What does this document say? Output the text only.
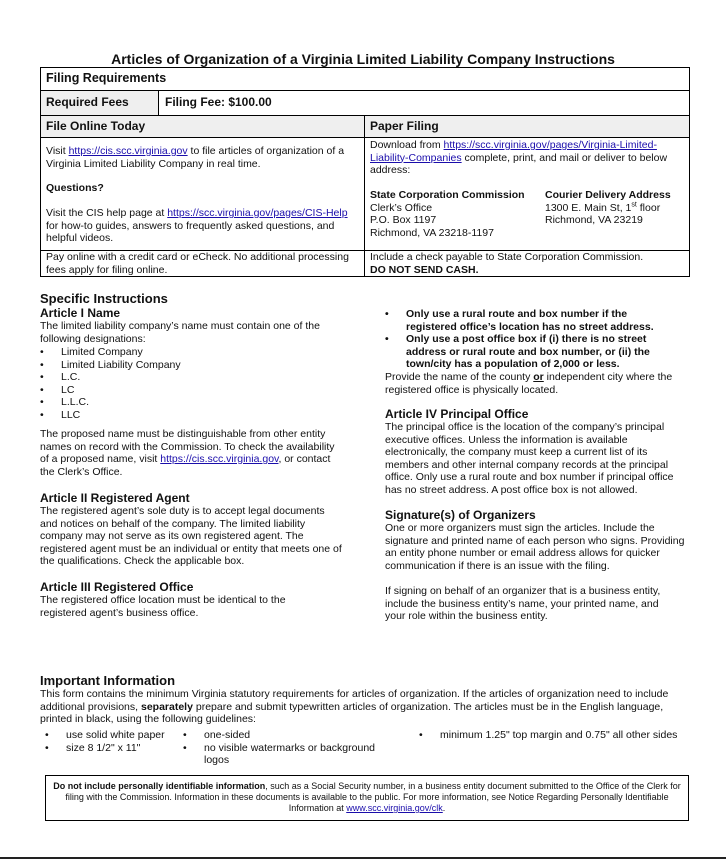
Articles of Organization of a Virginia Limited Liability Company Instructions
Filing Requirements
Required Fees	Filing Fee: $100.00
File Online Today	Paper Filing
Visit https://cis.scc.virginia.gov to file articles of organization of a Virginia Limited Liability Company in real time.
Questions?
Visit the CIS help page at https://scc.virginia.gov/pages/CIS-Help for how-to guides, answers to frequently asked questions, and helpful videos.
Pay online with a credit card or eCheck. No additional processing fees apply for filing online.
Download from https://scc.virginia.gov/pages/Virginia-Limited-Liability-Companies complete, print, and mail or deliver to below address:
State Corporation Commission
Clerk’s Office
P.O. Box 1197
Richmond, VA 23218-1197
Courier Delivery Address
1300 E. Main St, 1st floor
Richmond, VA 23219
Include a check payable to State Corporation Commission.
DO NOT SEND CASH.
Specific Instructions
Article I Name
The limited liability company’s name must contain one of the following designations:
• Limited Company
• Limited Liability Company
• L.C.
• LC
• L.L.C.
• LLC
The proposed name must be distinguishable from other entity names on record with the Commission. To check the availability of a proposed name, visit https://cis.scc.virginia.gov, or contact the Clerk’s Office.
Article II Registered Agent
The registered agent’s sole duty is to accept legal documents and notices on behalf of the company. The limited liability company may not serve as its own registered agent. The registered agent must be an individual or entity that meets one of the qualifications. Check the applicable box.
Article III Registered Office
The registered office location must be identical to the registered agent’s business office.
• Only use a rural route and box number if the registered office’s location has no street address.
• Only use a post office box if (i) there is no street address or rural route and box number, or (ii) the town/city has a population of 2,000 or less.
Provide the name of the county or independent city where the registered office is physically located.
Article IV Principal Office
The principal office is the location of the company’s principal executive offices. Unless the information is available electronically, the company must keep a current list of its members and other internal company records at the principal office. Only use a rural route and box number if principal office has no street address. A post office box is not allowed.
Signature(s) of Organizers
One or more organizers must sign the articles. Include the signature and printed name of each person who signs. Providing an entity phone number or email address allows for quicker communication if there is an issue with the filing.
If signing on behalf of an organizer that is a business entity, include the business entity’s name, your printed name, and your role within the business entity.
Important Information
This form contains the minimum Virginia statutory requirements for articles of organization. If the articles of organization need to include additional provisions, separately prepare and submit typewritten articles of organization. The articles must be in the English language, printed in black, using the following guidelines:
• use solid white paper
• size 8 1/2" x 11"
• one-sided
• no visible watermarks or background logos
• minimum 1.25" top margin and 0.75" all other sides
Do not include personally identifiable information, such as a Social Security number, in a business entity document submitted to the Office of the Clerk for filing with the Commission. Information in these documents is available to the public. For more information, see Notice Regarding Personally Identifiable Information at www.scc.virginia.gov/clk.
